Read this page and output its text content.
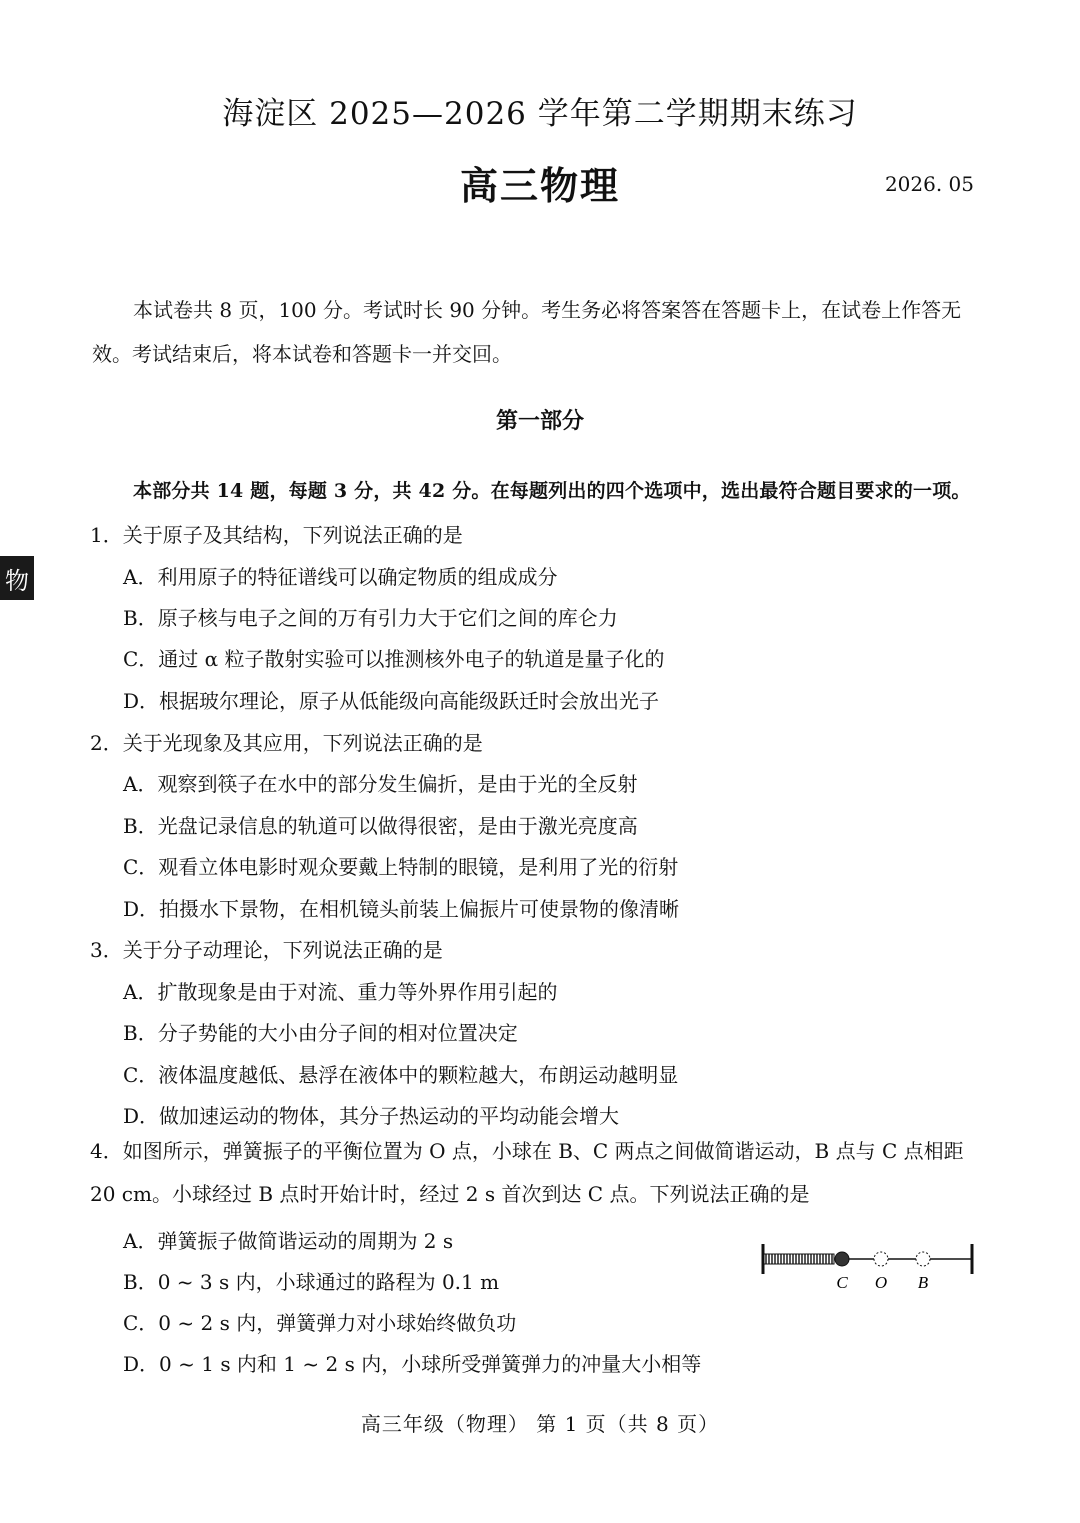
海淀区 2025—2026 学年第二学期期末练习
高三物理	2026. 05
本试卷共 8 页，100 分。考试时长 90 分钟。考生务必将答案答在答题卡上，在试卷上作答无效。考试结束后，将本试卷和答题卡一并交回。
第一部分
本部分共 14 题，每题 3 分，共 42 分。在每题列出的四个选项中，选出最符合题目要求的一项。
物
1．关于原子及其结构，下列说法正确的是
A．利用原子的特征谱线可以确定物质的组成成分
B．原子核与电子之间的万有引力大于它们之间的库仑力
C．通过 α 粒子散射实验可以推测核外电子的轨道是量子化的
D．根据玻尔理论，原子从低能级向高能级跃迁时会放出光子
2．关于光现象及其应用，下列说法正确的是
A．观察到筷子在水中的部分发生偏折，是由于光的全反射
B．光盘记录信息的轨道可以做得很密，是由于激光亮度高
C．观看立体电影时观众要戴上特制的眼镜，是利用了光的衍射
D．拍摄水下景物，在相机镜头前装上偏振片可使景物的像清晰
3．关于分子动理论，下列说法正确的是
A．扩散现象是由于对流、重力等外界作用引起的
B．分子势能的大小由分子间的相对位置决定
C．液体温度越低、悬浮在液体中的颗粒越大，布朗运动越明显
D．做加速运动的物体，其分子热运动的平均动能会增大
4．如图所示，弹簧振子的平衡位置为 O 点，小球在 B、C 两点之间做简谐运动，B 点与 C 点相距 20 cm。小球经过 B 点时开始计时，经过 2 s 首次到达 C 点。下列说法正确的是
A．弹簧振子做简谐运动的周期为 2 s
B．0 ~ 3 s 内，小球通过的路程为 0.1 m
C．0 ~ 2 s 内，弹簧弹力对小球始终做负功
D．0 ~ 1 s 内和 1 ~ 2 s 内，小球所受弹簧弹力的冲量大小相等
C O B
高三年级（物理） 第 1 页（共 8 页）
